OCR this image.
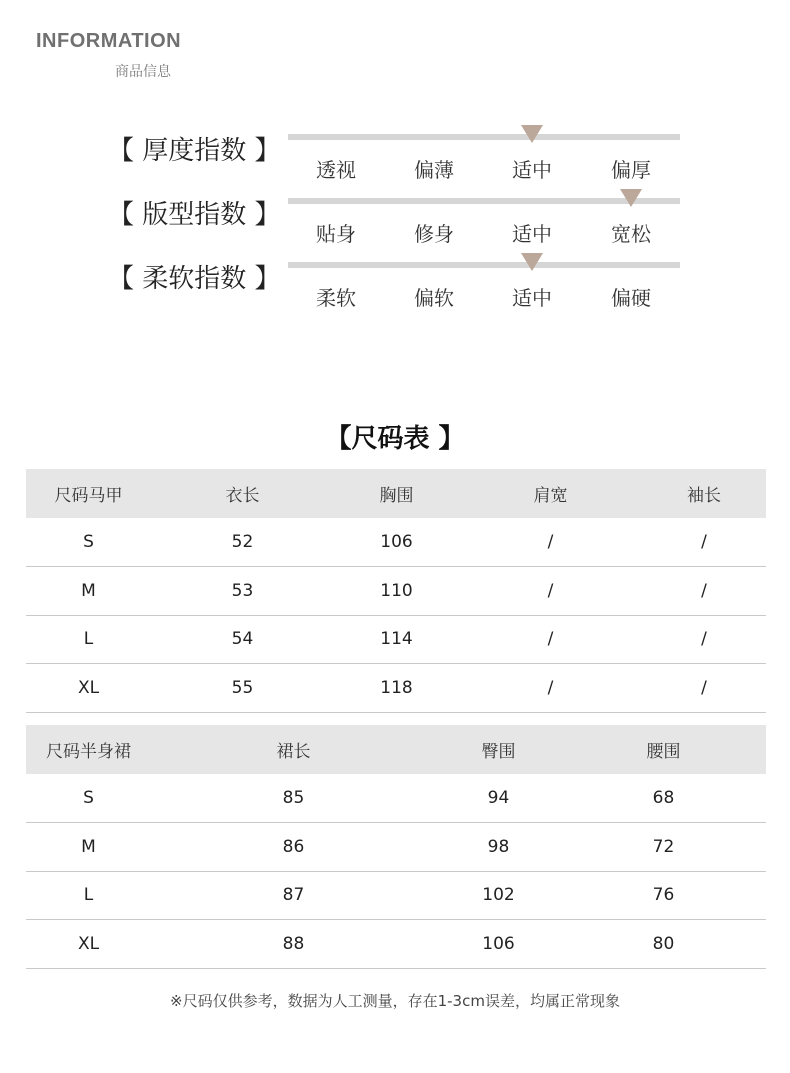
INFORMATION
商品信息
【 厚度指数 】
透视	偏薄	适中	偏厚
【 版型指数 】
贴身	修身	适中	宽松
【 柔软指数 】
柔软	偏软	适中	偏硬
【尺码表 】
尺码马甲	衣长	胸围	肩宽	袖长
S	52	106	/	/
M	53	110	/	/
L	54	114	/	/
XL	55	118	/	/
尺码半身裙	裙长	臀围	腰围
S	85	94	68
M	86	98	72
L	87	102	76
XL	88	106	80
※尺码仅供参考，数据为人工测量，存在1-3cm误差，均属正常现象
